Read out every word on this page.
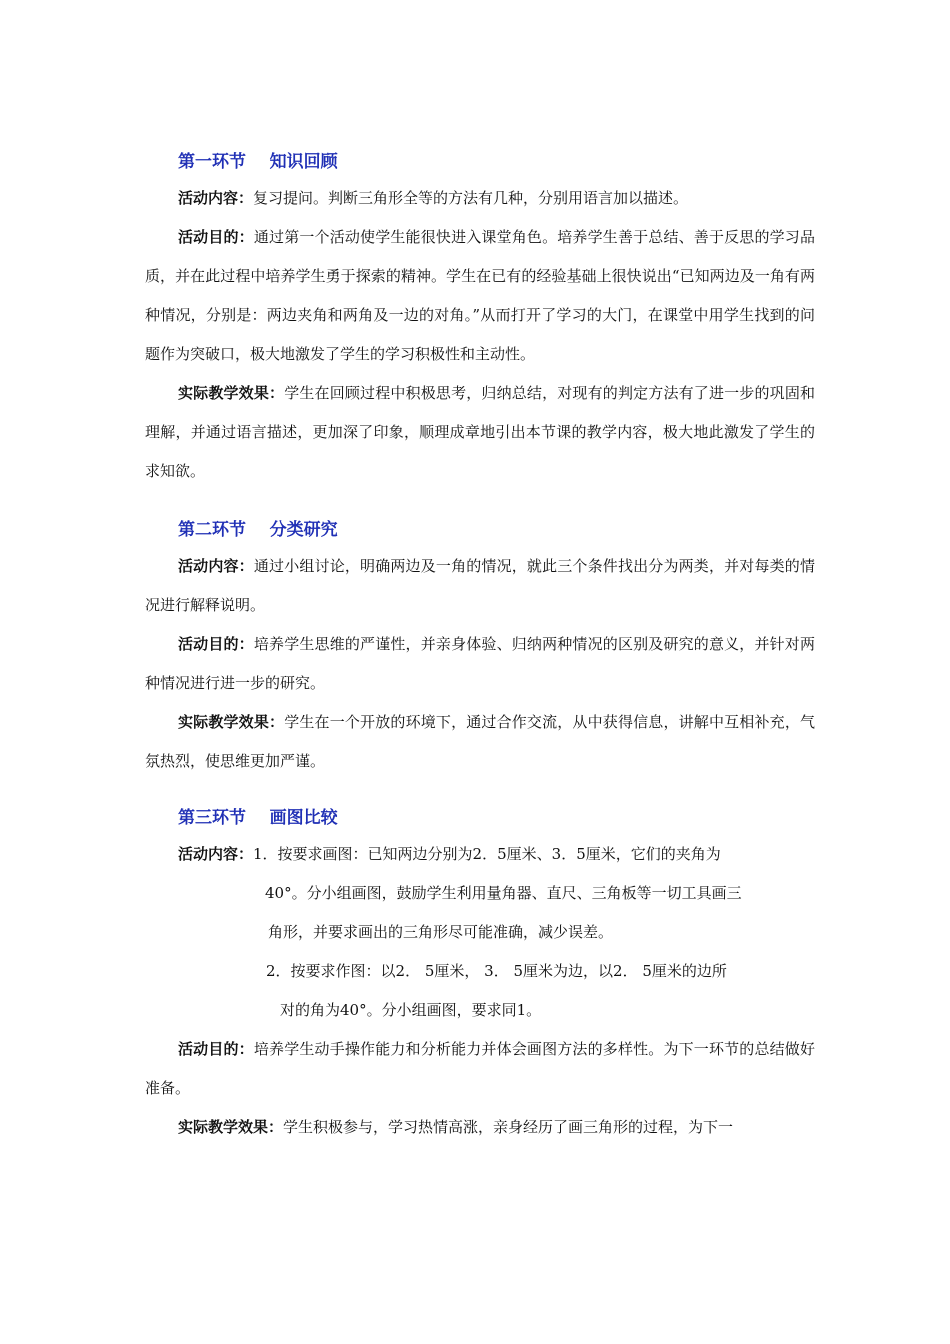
第一环节    知识回顾

活动内容：复习提问。判断三角形全等的方法有几种，分别用语言加以描述。

活动目的：通过第一个活动使学生能很快进入课堂角色。培养学生善于总结、善于反思的学习品质，并在此过程中培养学生勇于探索的精神。学生在已有的经验基础上很快说出“已知两边及一角有两种情况，分别是：两边夹角和两角及一边的对角。”从而打开了学习的大门，在课堂中用学生找到的问题作为突破口，极大地激发了学生的学习积极性和主动性。

实际教学效果：学生在回顾过程中积极思考，归纳总结，对现有的判定方法有了进一步的巩固和理解，并通过语言描述，更加深了印象，顺理成章地引出本节课的教学内容，极大地此激发了学生的求知欲。

第二环节    分类研究

活动内容：通过小组讨论，明确两边及一角的情况，就此三个条件找出分为两类，并对每类的情况进行解释说明。

活动目的：培养学生思维的严谨性，并亲身体验、归纳两种情况的区别及研究的意义，并针对两种情况进行进一步的研究。

实际教学效果：学生在一个开放的环境下，通过合作交流，从中获得信息，讲解中互相补充，气氛热烈，使思维更加严谨。

第三环节    画图比较
活动内容：1．按要求画图：已知两边分别为2．5厘米、3．5厘米，它们的夹角为
40°。分小组画图，鼓励学生利用量角器、直尺、三角板等一切工具画三
角形，并要求画出的三角形尽可能准确，减少误差。
2．按要求作图：以2． 5厘米， 3． 5厘米为边，以2． 5厘米的边所
对的角为40°。分小组画图，要求同1。

活动目的：培养学生动手操作能力和分析能力并体会画图方法的多样性。为下一环节的总结做好准备。

实际教学效果：学生积极参与，学习热情高涨，亲身经历了画三角形的过程，为下一
